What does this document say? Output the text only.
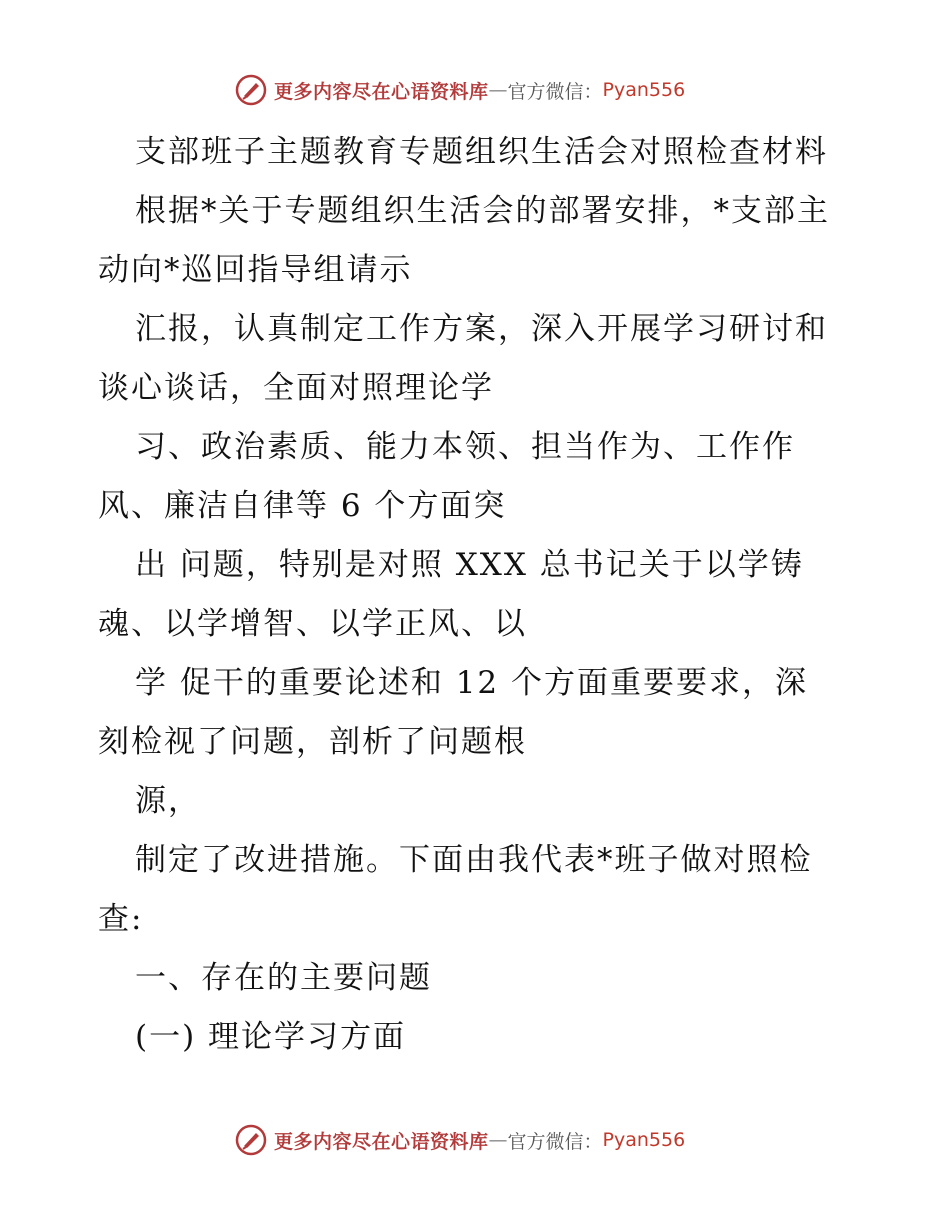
更多内容尽在心语资料库 — 官方微信： Pyan556
支部班子主题教育专题组织生活会对照检查材料
根据*关于专题组织生活会的部署安排，*支部主
动向*巡回指导组请示
汇报，认真制定工作方案，深入开展学习研讨和
谈心谈话，全面对照理论学
习、政治素质、能力本领、担当作为、工作作
风、廉洁自律等 6 个方面突
出 问题，特别是对照 XXX 总书记关于以学铸
魂、以学增智、以学正风、以
学 促干的重要论述和 12 个方面重要要求，深
刻检视了问题，剖析了问题根
源，
制定了改进措施。下面由我代表*班子做对照检
查:
一、存在的主要问题
(一) 理论学习方面
更多内容尽在心语资料库 — 官方微信： Pyan556
